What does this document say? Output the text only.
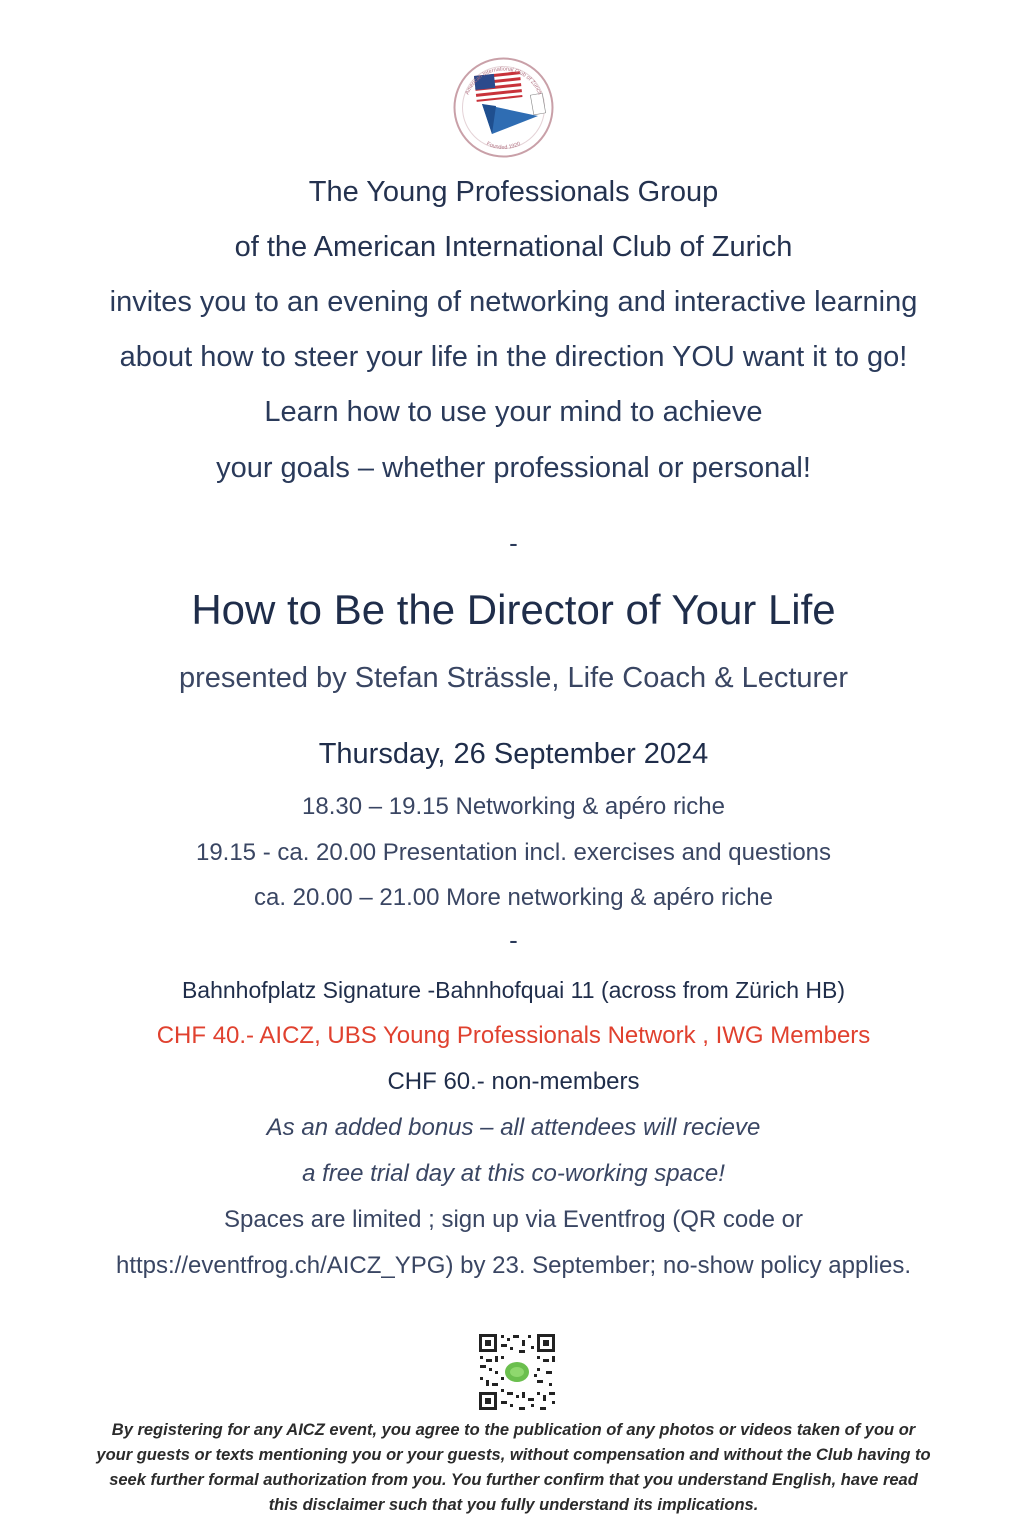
American International Club of Zurich
Founded 1920
The Young Professionals Group
of the American International Club of Zurich
invites you to an evening of networking and interactive learning
about how to steer your life in the direction YOU want it to go!
Learn how to use your mind to achieve
your goals – whether professional or personal!
-
How to Be the Director of Your Life
presented by Stefan Strässle, Life Coach & Lecturer
Thursday, 26 September 2024
18.30 – 19.15 Networking & apéro riche
19.15 - ca. 20.00 Presentation incl. exercises and questions
ca. 20.00 – 21.00 More networking & apéro riche
-
Bahnhofplatz Signature -Bahnhofquai 11 (across from Zürich HB)
CHF 40.- AICZ, UBS Young Professionals Network , IWG Members
CHF 60.- non-members
As an added bonus – all attendees will recieve
a free trial day at this co-working space!
Spaces are limited ; sign up via Eventfrog (QR code or
https://eventfrog.ch/AICZ_YPG) by 23. September; no-show policy applies.
By registering for any AICZ event, you agree to the publication of any photos or videos taken of you or
your guests or texts mentioning you or your guests, without compensation and without the Club having to
seek further formal authorization from you. You further confirm that you understand English, have read
this disclaimer such that you fully understand its implications.
